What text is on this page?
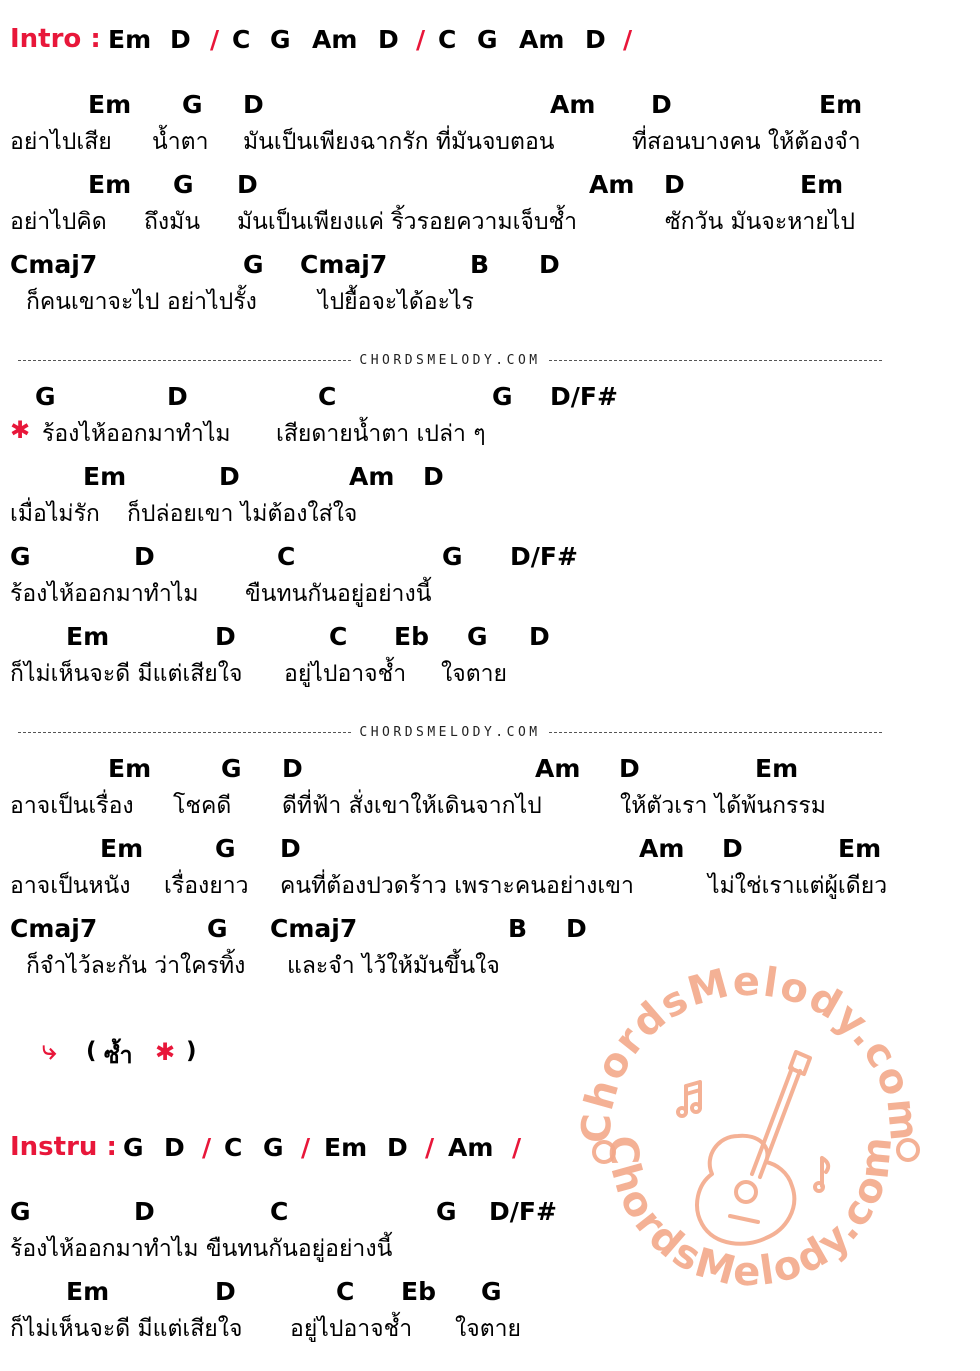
Intro : Em D / C G Am D / C G Am D /
Em G D	Am D	Em
อย่าไปเสีย น้ำตา มันเป็นเพียงฉากรัก ที่มันจบตอน	ที่สอนบางคน ให้ต้องจำ
Em G D	Am D	Em
อย่าไปคิด ถึงมัน มันเป็นเพียงแค่ ริ้วรอยความเจ็บช้ำ	ซักวัน มันจะหายไป
Cmaj7	G Cmaj7	B D
ก็คนเขาจะไป อย่าไปรั้ง	ไปยื้อจะได้อะไร
CHORDSMELODY.COM
G	D	C	G D/F#
✱ ร้องไห้ออกมาทำไม เสียดายน้ำตา เปล่า ๆ
Em	D	Am D
เมื่อไม่รัก ก็ปล่อยเขา ไม่ต้องใส่ใจ
G	D	C	G D/F#
ร้องไห้ออกมาทำไม ขืนทนกันอยู่อย่างนี้
Em	D	C Eb G D
ก็ไม่เห็นจะดี มีแต่เสียใจ อยู่ไปอาจช้ำ ใจตาย
CHORDSMELODY.COM
Em	G D	Am D	Em
อาจเป็นเรื่อง โชคดี ดีที่ฟ้า สั่งเขาให้เดินจากไป	ให้ตัวเรา ได้พ้นกรรม
Em	G D	Am D	Em
อาจเป็นหนัง เรื่องยาว คนที่ต้องปวดร้าว เพราะคนอย่างเขา	ไม่ใช่เราแต่ผู้เดียว
Cmaj7	G Cmaj7	B D
ก็จำไว้ละกัน ว่าใครทิ้ง และจำ ไว้ให้มันขึ้นใจ
⤷ ( ซ้ำ ✱ )
Instru : G D / C G / Em D / Am /
G	D	C	G D/F#
ร้องไห้ออกมาทำไม ขืนทนกันอยู่อย่างนี้
Em	D	C Eb G
ก็ไม่เห็นจะดี มีแต่เสียใจ อยู่ไปอาจช้ำ ใจตาย
ChordsMelody.com
ChordsMelody.com
